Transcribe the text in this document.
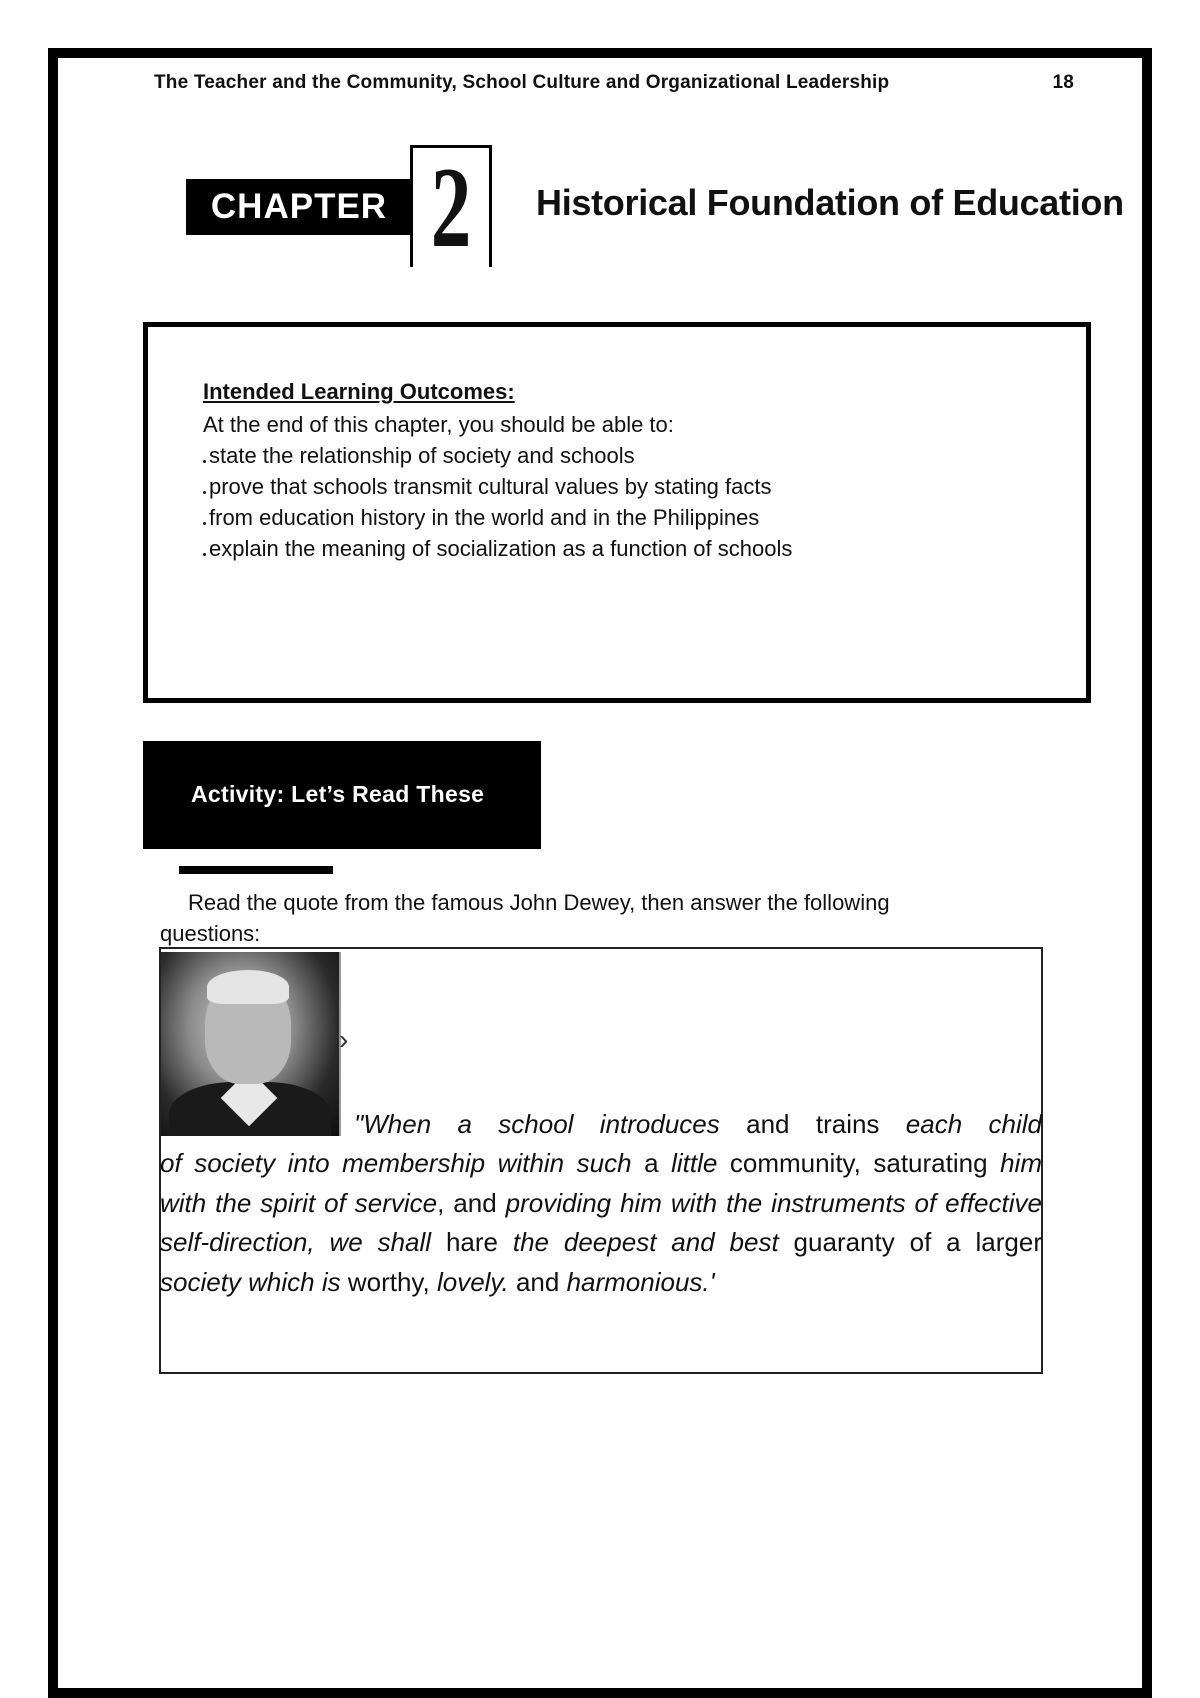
The Teacher and the Community, School Culture and Organizational Leadership	18
CHAPTER 2 Historical Foundation of Education
Intended Learning Outcomes:
At the end of this chapter, you should be able to:
state the relationship of society and schools
prove that schools transmit cultural values by stating facts
from education history in the world and in the Philippines
explain the meaning of socialization as a function of schools
Activity: Let’s Read These
Read the quote from the famous John Dewey, then answer the following questions:
›
"When a school introduces and trains each child
of society into membership within such a little community, saturating him with the spirit of service, and providing him with the instruments of effective self-direction, we shall hare the deepest and best guaranty of a larger society which is worthy, lovely. and harmonious.'
